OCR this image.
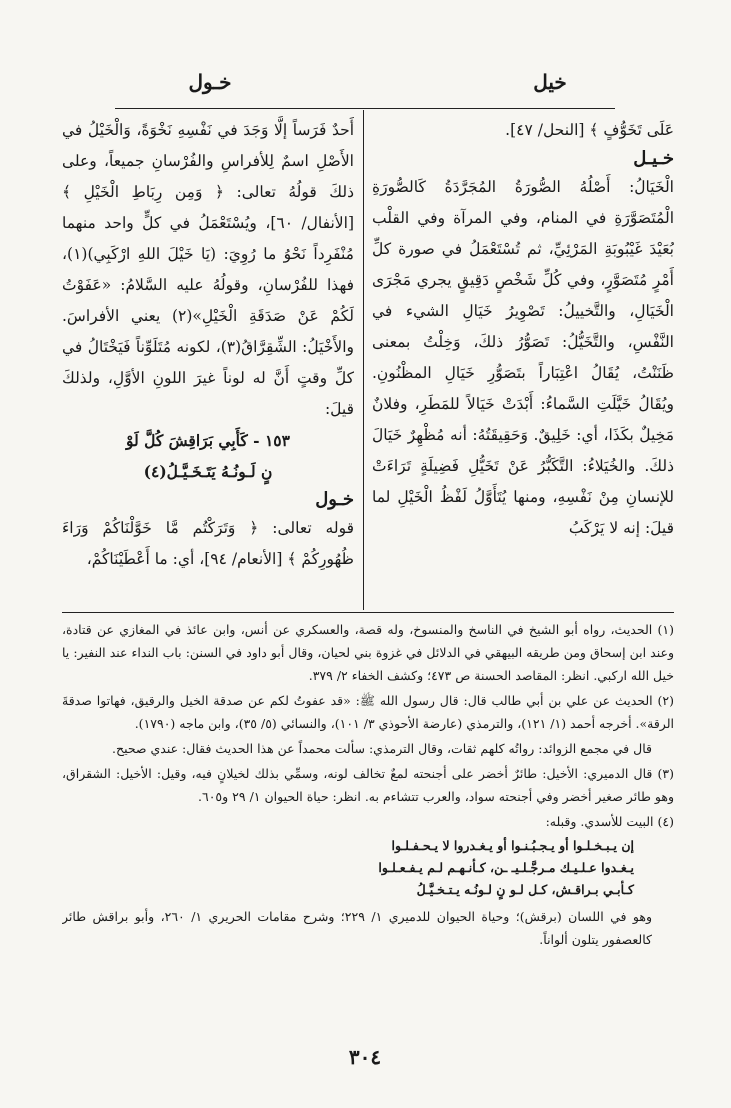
خيل
خـول

عَلَى تَخَوُّفٍ ﴾ [النحل/ ٤٧].

خـيـل

الْخَيَالُ: أَصْلُهُ الصُّورَةُ المُجَرَّدَةُ كَالصُّورَةِ الْمُتَصَوَّرَةِ في المنام، وفي المرآة وفي القلْب بُعَيْدَ غَيْبُوبَةِ المَرْئِيِّ، ثم تُسْتَعْمَلُ في صورة كلِّ أَمْرٍ مُتَصَوَّرٍ، وفي كُلِّ شَخْصٍ دَقِيقٍ يجري مَجْرَى الْخَيَالِ، والتَّخييلُ: تَصْوِيرُ خَيَالِ الشيء في النَّفْسِ، والتَّخَيُّلُ: تَصَوُّرُ ذلكَ، وَخِلْتُ بمعنى ظَنَنْتُ، يُقَالُ اعْتِبَاراً بتَصَوُّرِ خَيَالِ المظْنُونِ. ويُقَالُ خَيَّلَتِ السَّماءُ: أَبْدَتْ خَيَالاً للمَطَرِ، وفلانٌ مَخِيلٌ بكَذَا، أي: خَلِيقٌ. وَحَقِيقَتُهُ: أنه مُظْهِرٌ خَيَالَ ذلكَ. والخُيَلاءُ: التَّكَبُّرُ عَنْ تَخَيُّلِ فَضِيلَةٍ تَرَاءَتْ للإنسانِ مِنْ نَفْسِهِ، ومنها يُتَأَوَّلُ لَفْظُ الْخَيْلِ لما قيلَ: إنه لا يَرْكَبُ

أَحدٌ فَرَساً إلَّا وَجَدَ في نَفْسِهِ نَخْوَةً، وَالْخَيْلُ في الأَصْلِ اسمٌ لِلأفراسِ والفُرْسانِ جميعاً، وعلى ذلكَ قولُهُ تعالى: ﴿ وَمِن رِبَاطِ الْخَيْلِ ﴾ [الأنفال/ ٦٠]، ويُسْتَعْمَلُ في كلٍّ واحد منهما مُنْفَرِداً نَحْوُ ما رُوِيَ: (يَا خَيْلَ اللهِ ارْكَبِي)(١)، فهذا للفُرْسانِ، وقولُهُ عليه السَّلامُ: «عَفَوْتُ لَكُمْ عَنْ صَدَقَةِ الْخَيْلِ»(٢) يعني الأفراسَ. والأَخْيَلُ: الشِّقِرَّاقُ(٣)، لكونه مُتَلَوِّناً فَيَخْتَالُ في كلِّ وقتٍ أَنَّ له لوناً غيرَ اللونِ الأوَّلِ، ولذلكَ قيلَ:

١٥٣ - كَأَبِي بَرَاقِشَ كُلَّ لَوْ

نٍ لَـونُـهُ يَتَـخَـيَّـلُ(٤)

خـول

قوله تعالى: ﴿ وَتَرَكْتُم مَّا خَوَّلْنَاكُمْ وَرَاءَ ظُهُورِكُمْ ﴾ [الأنعام/ ٩٤]، أي: ما أَعْطَيْنَاكُمْ،

(١) الحديث، رواه أبو الشيخ في الناسخ والمنسوخ، وله قصة، والعسكري عن أنس، وابن عائذ في المغازي عن قتادة، وعند ابن إسحاق ومن طريقه البيهقي في الدلائل في غزوة بني لحيان، وقال أبو داود في السنن: باب النداء عند النفير: يا خيل الله اركبي. انظر: المقاصد الحسنة ص ٤٧٣؛ وكشف الخفاء ٢/ ٣٧٩.

(٢) الحديث عن علي بن أبي طالب قال: قال رسول الله ﷺ: «قد عفوتُ لكم عن صدقة الخيل والرقيق، فهاتوا صدقةَ الرقة». أخرجه أحمد (١/ ١٢١)، والترمذي (عارضة الأحوذي ٣/ ١٠١)، والنسائي (٥/ ٣٥)، وابن ماجه (١٧٩٠).

قال في مجمع الزوائد: رواتُه كلهم ثقات، وقال الترمذي: سألت محمداً عن هذا الحديث فقال: عندي صحيح.

(٣) قال الدميري: الأخيل: طائرٌ أخضر على أجنحته لمعٌ تخالف لونه، وسمِّي بذلك لخيلانٍ فيه، وقيل: الأخيل: الشقراق، وهو طائر صغير أخضر وفي أجنحته سواد، والعرب تتشاءم به. انظر: حياة الحيوان ١/ ٢٩ و٦٠٥.

(٤) البيت للأسدي. وقبله:

إن يـبـخـلـوا أو يـجـبُـنـوا أو يـغـدروا لا يـحـفـلـوا
يـغـدوا عـلـيـك مـرجَّـلـيـ ـن، كـأنـهـم لـم يـفـعـلـوا
كـأبـي بـراقـش، كـل لـو نٍ لـونُـه يـتـخـيَّـلُ

وهو في اللسان (برقش)؛ وحياة الحيوان للدميري ١/ ٢٢٩؛ وشرح مقامات الحريري ١/ ٢٦٠، وأبو براقش طائر كالعصفور يتلون ألواناً.

٣٠٤
